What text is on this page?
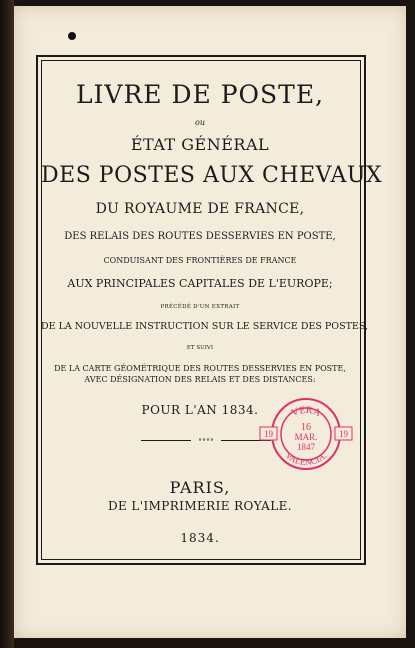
LIVRE DE POSTE,
ou
ÉTAT GÉNÉRAL
DES POSTES AUX CHEVAUX
DU ROYAUME DE FRANCE,
DES RELAIS DES ROUTES DESSERVIES EN POSTE,
CONDUISANT DES FRONTIÈRES DE FRANCE
AUX PRINCIPALES CAPITALES DE L'EUROPE;
PRÉCÉDÉ D'UN EXTRAIT
DE LA NOUVELLE INSTRUCTION SUR LE SERVICE DES POSTES,
ET SUIVI
DE LA CARTE GÉOMÉTRIQUE DES ROUTES DESSERVIES EN POSTE,
AVEC DÉSIGNATION DES RELAIS ET DES DISTANCES:
POUR L'AN 1834.
∘∘∘∘
PARIS,
DE L'IMPRIMERIE ROYALE.
1834.
VERA
VALENCIA.
16
MAR.
1847
19	19
